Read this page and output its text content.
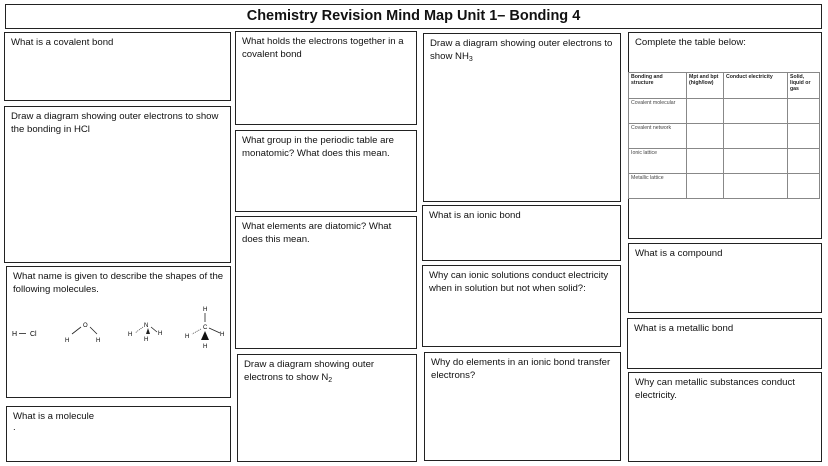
Chemistry Revision Mind Map Unit 1– Bonding 4
What is a covalent bond
Draw a diagram showing outer electrons to show the bonding in HCl
What name is given to describe the shapes of the following molecules.
H Cl
O
H	H
N
H
H
H
H
C
H	H
H
What is a molecule
.
What holds the electrons together in a covalent bond
What group in the periodic table are monatomic? What does this mean.
What elements are diatomic? What does this mean.
Draw a diagram showing outer electrons to show $N_2$
Draw a diagram showing outer electrons to show $NH_3$
What is an ionic bond
Why can ionic solutions conduct electricity when in solution but not when solid?:
Why do elements in an ionic bond transfer electrons?
Complete the table below:
Bonding and structure	Mpt and bpt (high/low)	Conduct electricity	Solid, liquid or gas
Covalent molecular			
Covalent network			
Ionic lattice			
Metallic lattice			
What is a compound
What is a metallic bond
Why can metallic substances conduct electricity.
